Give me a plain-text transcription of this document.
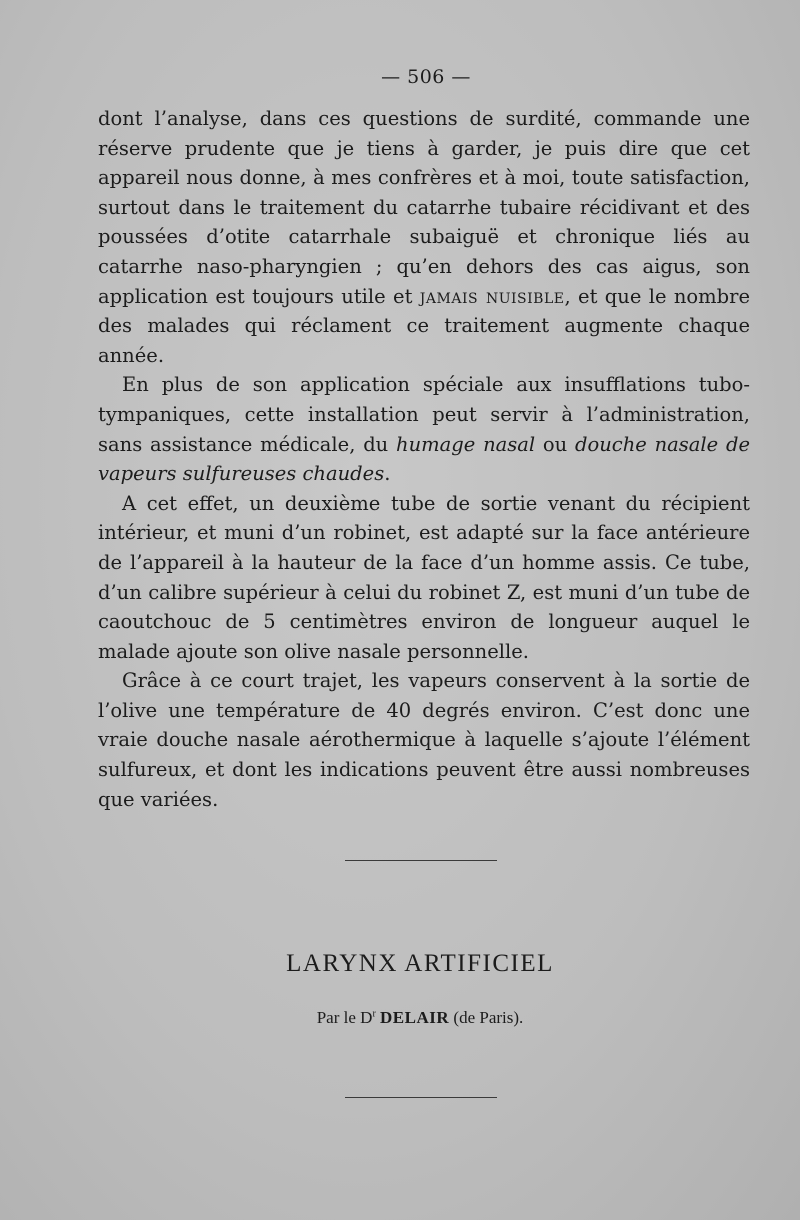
— 506 —

dont l’analyse, dans ces questions de surdité, commande une réserve prudente que je tiens à garder, je puis dire que cet appareil nous donne, à mes confrères et à moi, toute satisfaction, surtout dans le traitement du catarrhe tubaire récidivant et des poussées d’otite catarrhale subaiguë et chronique liés au catarrhe naso-pharyngien ; qu’en dehors des cas aigus, son application est toujours utile et jamais nuisible, et que le nombre des malades qui réclament ce traitement augmente chaque année.

En plus de son application spéciale aux insufflations tubo-tympaniques, cette installation peut servir à l’administration, sans assistance médicale, du humage nasal ou douche nasale de vapeurs sulfureuses chaudes.

A cet effet, un deuxième tube de sortie venant du récipient intérieur, et muni d’un robinet, est adapté sur la face antérieure de l’appareil à la hauteur de la face d’un homme assis. Ce tube, d’un calibre supérieur à celui du robinet Z, est muni d’un tube de caoutchouc de 5 centimètres environ de longueur auquel le malade ajoute son olive nasale personnelle.

Grâce à ce court trajet, les vapeurs conservent à la sortie de l’olive une température de 40 degrés environ. C’est donc une vraie douche nasale aérothermique à laquelle s’ajoute l’élément sulfureux, et dont les indications peuvent être aussi nombreuses que variées.

LARYNX ARTIFICIEL
Par le $D^r$ DELAIR (de Paris).
